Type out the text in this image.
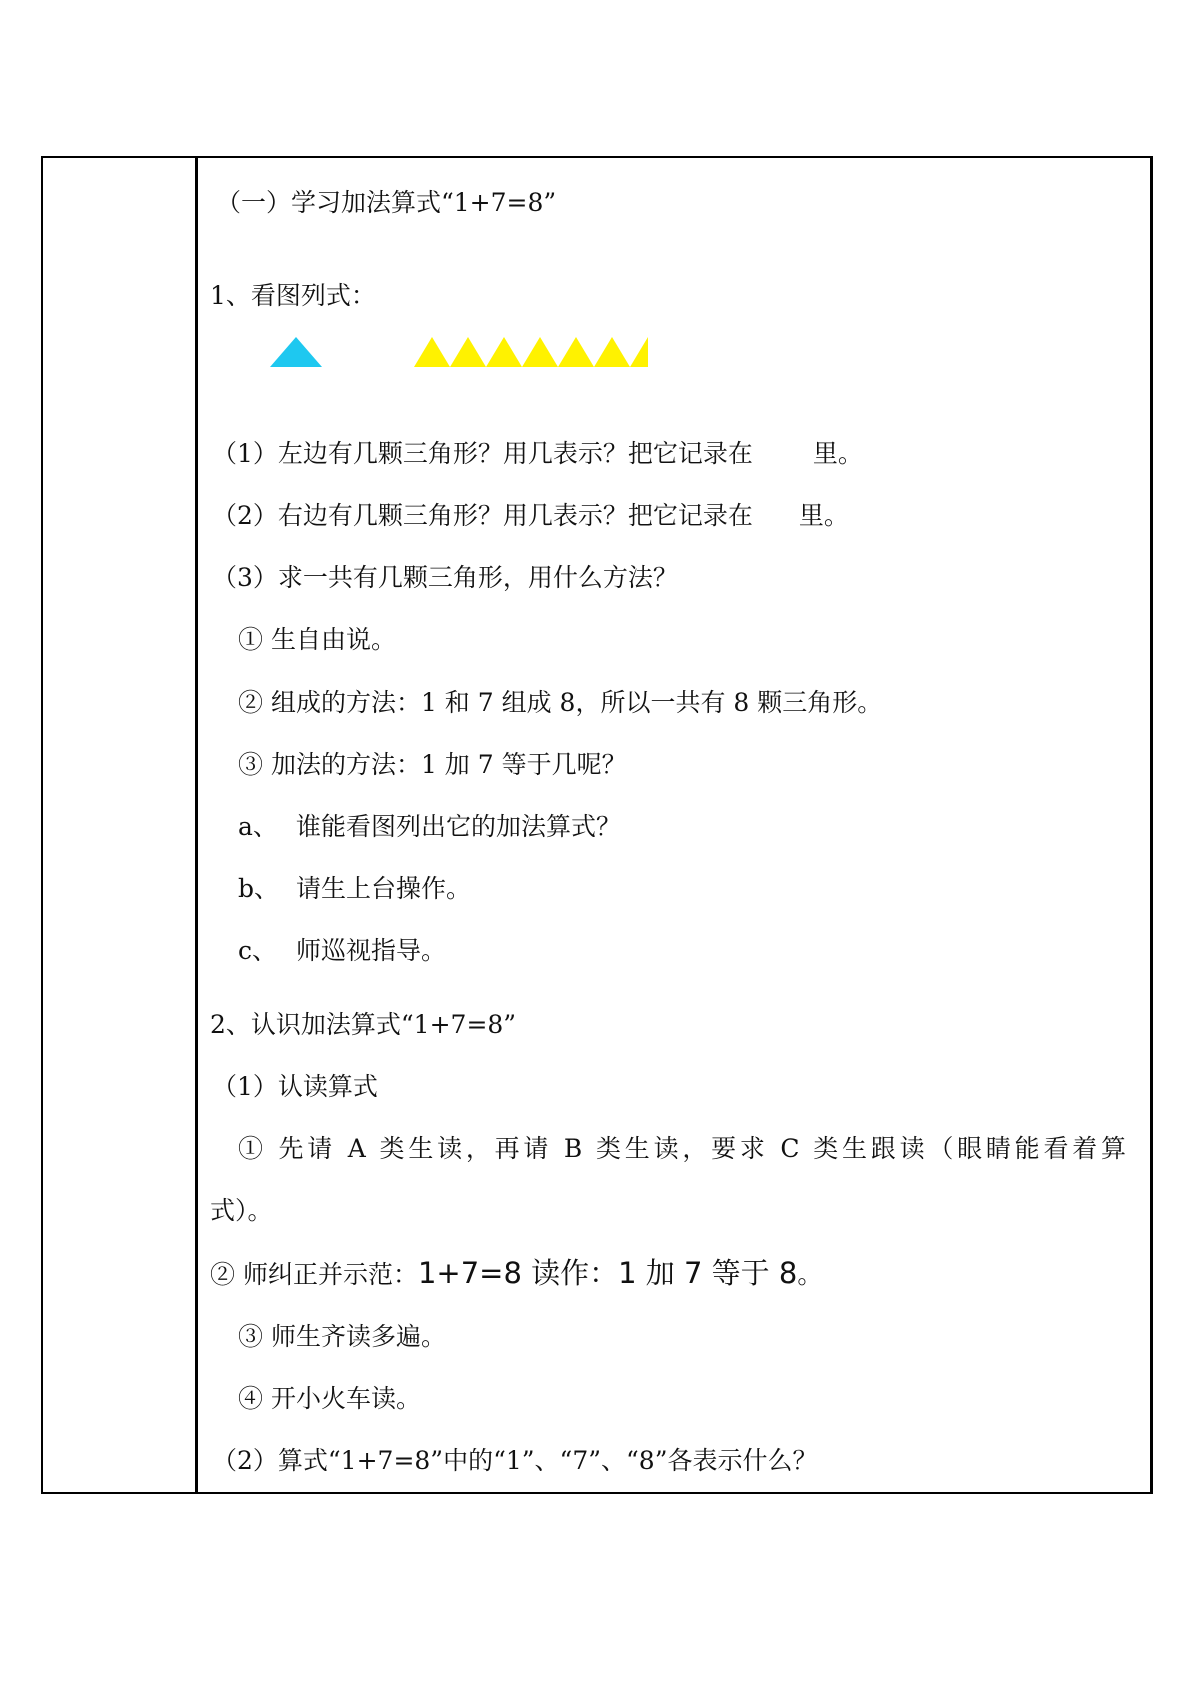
（一）学习加法算式“1+7=8”
1、看图列式：
（1）左边有几颗三角形？用几表示？把它记录在 里。
（2）右边有几颗三角形？用几表示？把它记录在 里。
（3）求一共有几颗三角形，用什么方法？
① 生自由说。
② 组成的方法：1 和 7 组成 8，所以一共有 8 颗三角形。
③ 加法的方法：1 加 7 等于几呢？
a、 谁能看图列出它的加法算式？
b、 请生上台操作。
c、 师巡视指导。
2、认识加法算式“1+7=8”
（1）认读算式
① 先请 A 类生读，再请 B 类生读，要求 C 类生跟读（眼睛能看着算
式）。
② 师纠正并示范：1+7=8 读作：1 加 7 等于 8。
③ 师生齐读多遍。
④ 开小火车读。
（2）算式“1+7=8”中的“1”、“7”、“8”各表示什么？
